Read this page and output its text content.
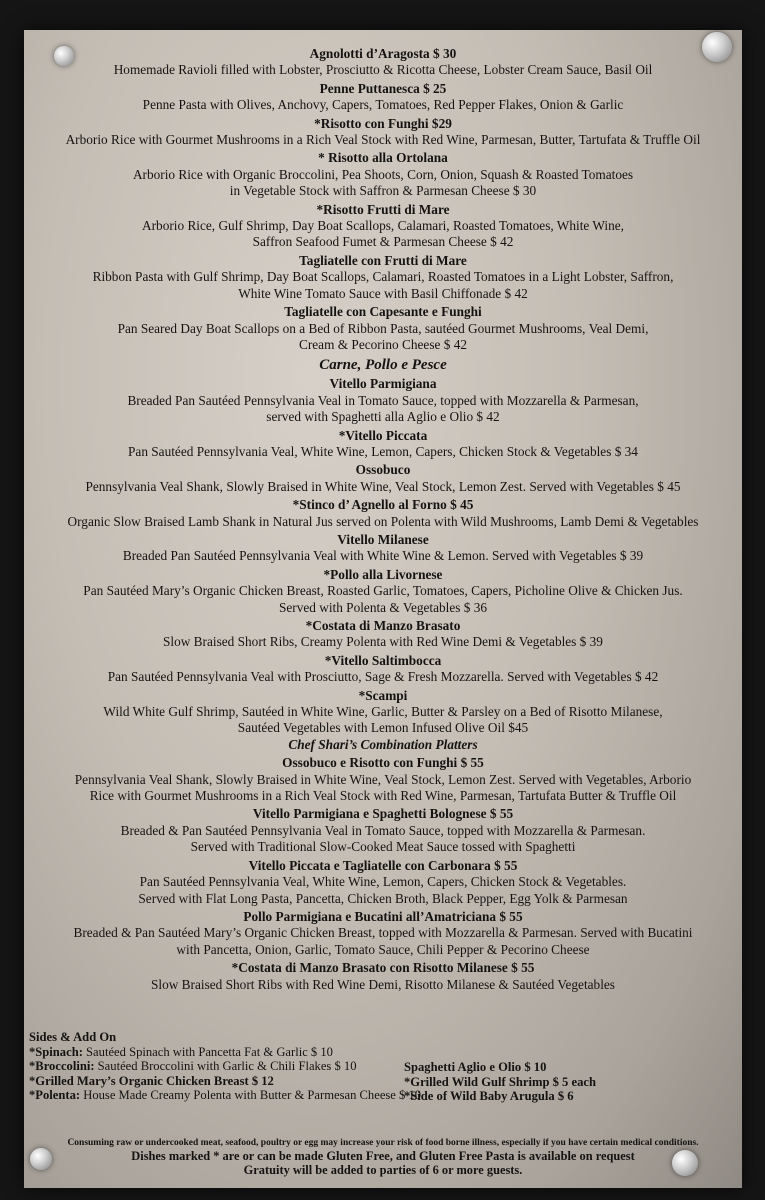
Agnolotti d’Aragosta $ 30
Homemade Ravioli filled with Lobster, Prosciutto & Ricotta Cheese, Lobster Cream Sauce, Basil Oil
Penne Puttanesca $ 25
Penne Pasta with Olives, Anchovy, Capers, Tomatoes, Red Pepper Flakes, Onion & Garlic
*Risotto con Funghi $29
Arborio Rice with Gourmet Mushrooms in a Rich Veal Stock with Red Wine, Parmesan, Butter, Tartufata & Truffle Oil
* Risotto alla Ortolana
Arborio Rice with Organic Broccolini, Pea Shoots, Corn, Onion, Squash & Roasted Tomatoes
in Vegetable Stock with Saffron & Parmesan Cheese $ 30
*Risotto Frutti di Mare
Arborio Rice, Gulf Shrimp, Day Boat Scallops, Calamari, Roasted Tomatoes, White Wine,
Saffron Seafood Fumet & Parmesan Cheese $ 42
Tagliatelle con Frutti di Mare
Ribbon Pasta with Gulf Shrimp, Day Boat Scallops, Calamari, Roasted Tomatoes in a Light Lobster, Saffron,
White Wine Tomato Sauce with Basil Chiffonade $ 42
Tagliatelle con Capesante e Funghi
Pan Seared Day Boat Scallops on a Bed of Ribbon Pasta, sautéed Gourmet Mushrooms, Veal Demi,
Cream & Pecorino Cheese $ 42
Carne, Pollo e Pesce
Vitello Parmigiana
Breaded Pan Sautéed Pennsylvania Veal in Tomato Sauce, topped with Mozzarella & Parmesan,
served with Spaghetti alla Aglio e Olio $ 42
*Vitello Piccata
Pan Sautéed Pennsylvania Veal, White Wine, Lemon, Capers, Chicken Stock & Vegetables $ 34
Ossobuco
Pennsylvania Veal Shank, Slowly Braised in White Wine, Veal Stock, Lemon Zest. Served with Vegetables $ 45
*Stinco d’ Agnello al Forno $ 45
Organic Slow Braised Lamb Shank in Natural Jus served on Polenta with Wild Mushrooms, Lamb Demi & Vegetables
Vitello Milanese
Breaded Pan Sautéed Pennsylvania Veal with White Wine & Lemon. Served with Vegetables $ 39
*Pollo alla Livornese
Pan Sautéed Mary’s Organic Chicken Breast, Roasted Garlic, Tomatoes, Capers, Picholine Olive & Chicken Jus.
Served with Polenta & Vegetables $ 36
*Costata di Manzo Brasato
Slow Braised Short Ribs, Creamy Polenta with Red Wine Demi & Vegetables $ 39
*Vitello Saltimbocca
Pan Sautéed Pennsylvania Veal with Prosciutto, Sage & Fresh Mozzarella. Served with Vegetables $ 42
*Scampi
Wild White Gulf Shrimp, Sautéed in White Wine, Garlic, Butter & Parsley on a Bed of Risotto Milanese,
Sautéed Vegetables with Lemon Infused Olive Oil $45
Chef Shari’s Combination Platters
Ossobuco e Risotto con Funghi $ 55
Pennsylvania Veal Shank, Slowly Braised in White Wine, Veal Stock, Lemon Zest. Served with Vegetables, Arborio
Rice with Gourmet Mushrooms in a Rich Veal Stock with Red Wine, Parmesan, Tartufata Butter & Truffle Oil
Vitello Parmigiana e Spaghetti Bolognese $ 55
Breaded & Pan Sautéed Pennsylvania Veal in Tomato Sauce, topped with Mozzarella & Parmesan.
Served with Traditional Slow-Cooked Meat Sauce tossed with Spaghetti
Vitello Piccata e Tagliatelle con Carbonara $ 55
Pan Sautéed Pennsylvania Veal, White Wine, Lemon, Capers, Chicken Stock & Vegetables.
Served with Flat Long Pasta, Pancetta, Chicken Broth, Black Pepper, Egg Yolk & Parmesan
Pollo Parmigiana e Bucatini all’Amatriciana $ 55
Breaded & Pan Sautéed Mary’s Organic Chicken Breast, topped with Mozzarella & Parmesan. Served with Bucatini
with Pancetta, Onion, Garlic, Tomato Sauce, Chili Pepper & Pecorino Cheese
*Costata di Manzo Brasato con Risotto Milanese $ 55
Slow Braised Short Ribs with Red Wine Demi, Risotto Milanese & Sautéed Vegetables
Sides & Add On
*Spinach: Sautéed Spinach with Pancetta Fat & Garlic $ 10
*Broccolini: Sautéed Broccolini with Garlic & Chili Flakes $ 10
*Grilled Mary’s Organic Chicken Breast $ 12
*Polenta: House Made Creamy Polenta with Butter & Parmesan Cheese $ 10
Spaghetti Aglio e Olio $ 10
*Grilled Wild Gulf Shrimp $ 5 each
*Side of Wild Baby Arugula $ 6
Consuming raw or undercooked meat, seafood, poultry or egg may increase your risk of food borne illness, especially if you have certain medical conditions.
Dishes marked * are or can be made Gluten Free, and Gluten Free Pasta is available on request
Gratuity will be added to parties of 6 or more guests.
